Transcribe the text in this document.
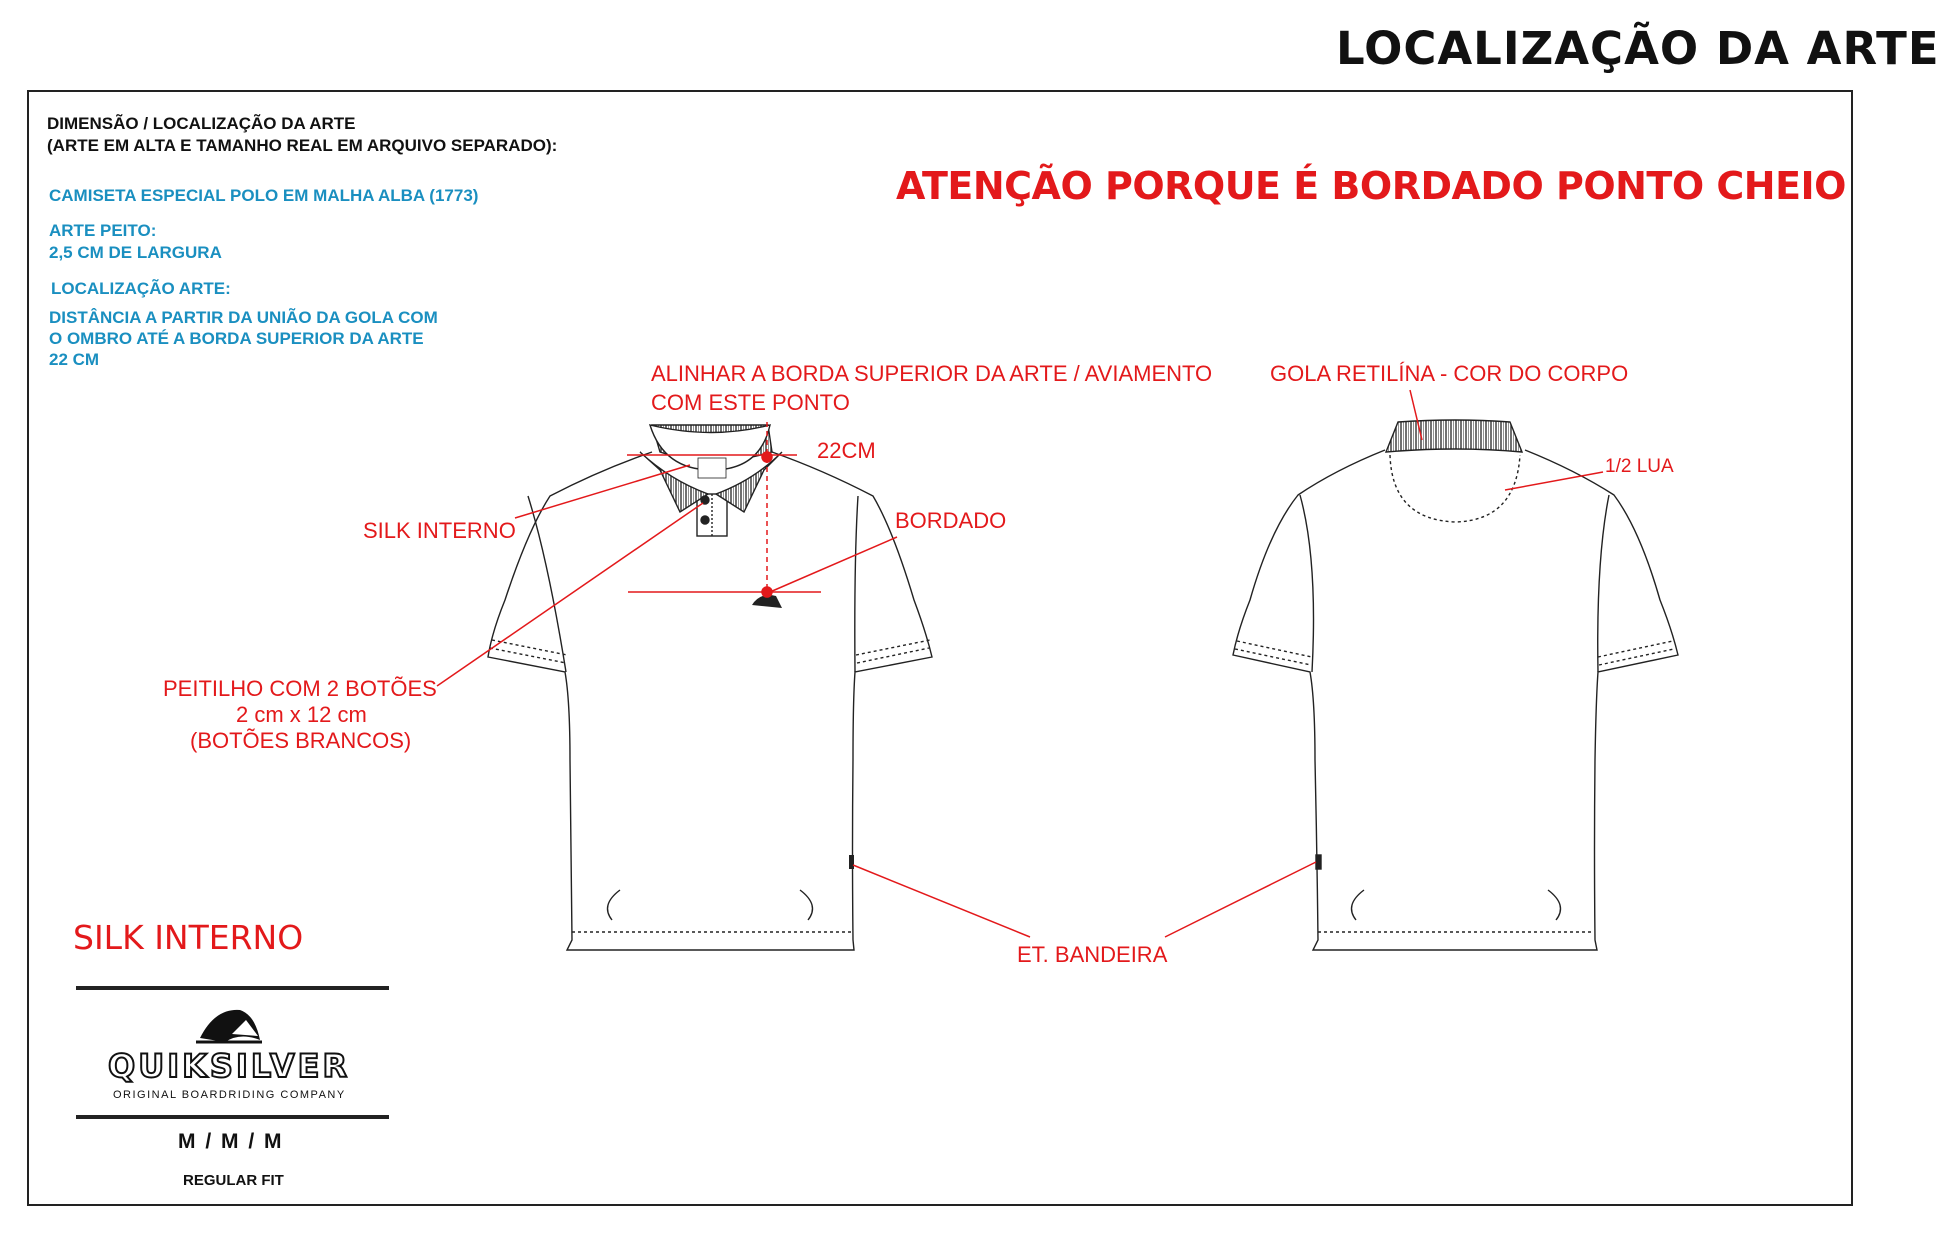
LOCALIZAÇÃO DA ARTE
DIMENSÃO / LOCALIZAÇÃO DA ARTE
(ARTE EM ALTA E TAMANHO REAL EM ARQUIVO SEPARADO):
CAMISETA ESPECIAL POLO EM MALHA ALBA (1773)
ARTE PEITO:
2,5 CM DE LARGURA
LOCALIZAÇÃO ARTE:
DISTÂNCIA A PARTIR DA UNIÃO DA GOLA COM
O OMBRO ATÉ A BORDA SUPERIOR DA ARTE
22 CM
ATENÇÃO PORQUE É BORDADO PONTO CHEIO
ALINHAR A BORDA SUPERIOR DA ARTE / AVIAMENTO
COM ESTE PONTO
22CM
SILK INTERNO	BORDADO
PEITILHO COM 2 BOTÕES
2 cm x 12 cm
(BOTÕES BRANCOS)
GOLA RETILÍNA - COR DO CORPO
1/2 LUA
ET. BANDEIRA
SILK INTERNO
QUIKSILVER
ORIGINAL BOARDRIDING COMPANY
M / M / M
REGULAR FIT
